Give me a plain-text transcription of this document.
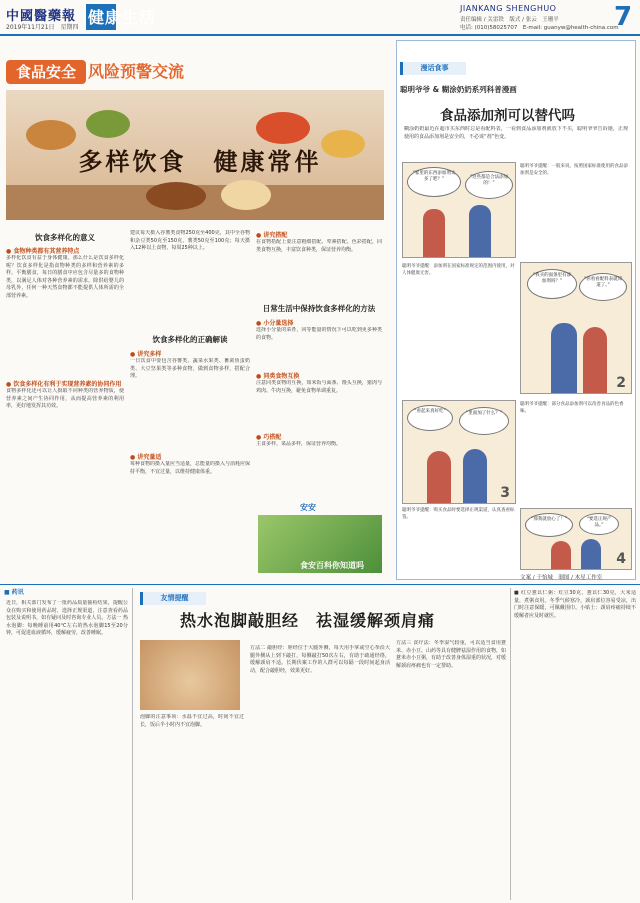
中國醫藥報
2019年11月21日　星期四
健康生活	JIANKANG SHENGHUO
责任编辑 / 关雷铁　版式 / 张云　王珊平
电话: (010)58025707　E-mail: guanyw@health-china.com
7
食品安全 风险预警交流
多样饮食　健康常伴
饮食多样化的意义
● 食物种类都有其营养特点
多样化饮食有益于身体健康。那么什么是饮食多样化呢？饮食多样化是指食物种类的多样和营养素的多样。平衡膳食，每日的膳食中应包含尽量多的食物种类，以满足人体对各种营养素的需求。除供给婴儿的母乳外，任何一种天然食物都不能提供人体所需的全部营养素。
● 饮食多样化有利于实现营养素的协同作用
食物多样化还可以让人摄取不同种类的营养物质，使营养素之间产生协同作用，从而提高营养素的利用率，更好地发挥其功效。
建议每天摄入谷薯类食物250克至400克，其中全谷物和杂豆类50克至150克，薯类50克至100克；每天摄入12种以上食物，每周25种以上。
饮食多样化的正确解读
● 讲究多样
一日饮食中要包含谷薯类、蔬菜水果类、畜禽鱼蛋奶类、大豆坚果类等多种食物，做到食物多样，搭配合理。
● 讲究量适
每种食物的摄入量应当适量，总能量的摄入与消耗应保持平衡，不宜过量，以维持健康体重。
● 讲究搭配
在食物搭配上要注意粗细搭配、荤素搭配、色彩搭配，同类食物互换，丰富饮食种类，保证营养均衡。
日常生活中保持饮食多样化的方法
● 小分量选择
选择小分量的菜肴，同等能量的情况下可以吃到更多种类的食物。
● 同类食物互换
注意同类食物的互换，如米饭与面条、馒头互换，猪肉与鸡肉、牛肉互换，避免食物单调重复。
● 巧搭配
主食多样、菜品多样，保证营养均衡。
安安
食安百科你知道吗
漫话食事
聪明爷爷 & 糊涂奶奶系列科普漫画
食品添加剂可以替代吗
糊涂奶奶最近在超市买东西时总是看配料表，一看到食品添加剂就放下不买，聪明爷爷告诉她，正规使用的食品添加剂是安全的，不必谈“剂”色变。
“家里的东西添加剂太多了吧？”	“这些都是合法添加的！”
聪明爷爷提醒：一般来说，按照国家标准使用的食品添加剂是安全的。
“我买的面条里有添加剂吗？”	“你看看配料表就知道了。”
2
聪明爷爷提醒：添加剂在国家标准规定的范围内使用，对人体健康无害。
“看起来真好吃”	“里面加了什么？”
3
聪明爷爷提醒：部分食品添加剂可以改善食品的色香味。
“那我就放心了！”	“要选正规产品。”
4
聪明爷爷提醒：购买食品时要选择正规渠道，认真查看标签。
文案 / 于怡城　制图 / 木星工作室
■ 药讯
近日，相关部门发布了一批药品质量抽检结果，提醒公众在购买和使用药品时，选择正规渠道，注意查看药品包装及说明书，如有疑问及时咨询专业人员。方法一 热水泡脚：每晚睡前用40℃左右的热水泡脚15至20分钟，可促进血液循环，缓解疲劳，改善睡眠。
友情提醒
热水泡脚敲胆经　祛湿缓解颈肩痛
泡脚的注意事项：水温不宜过高，时间不宜过长，饭后半小时内不宜泡脚。
方法二 敲胆经：胆经位于大腿外侧，每天用手掌或空心拳沿大腿外侧从上到下敲打，每侧敲打50次左右，有助于疏通经络，缓解颈肩不适。长期伏案工作的人群可以每隔一段时间起身活动，配合敲胆经，效果更好。
方法三 食疗法：冬季湿气较重，可以适当食用薏米、赤小豆、山药等具有健脾祛湿作用的食物，如薏米赤小豆粥，有助于改善身体湿重的状况，对缓解颈肩疼痛也有一定帮助。
■ 红豆薏苡仁粥：红豆30克，薏苡仁30克，大米适量，煮粥食用。冬季气候寒冷，颈肩部位容易受凉，出门时注意保暖，可佩戴围巾。小贴士：颈肩疼痛持续不缓解者应及时就医。
